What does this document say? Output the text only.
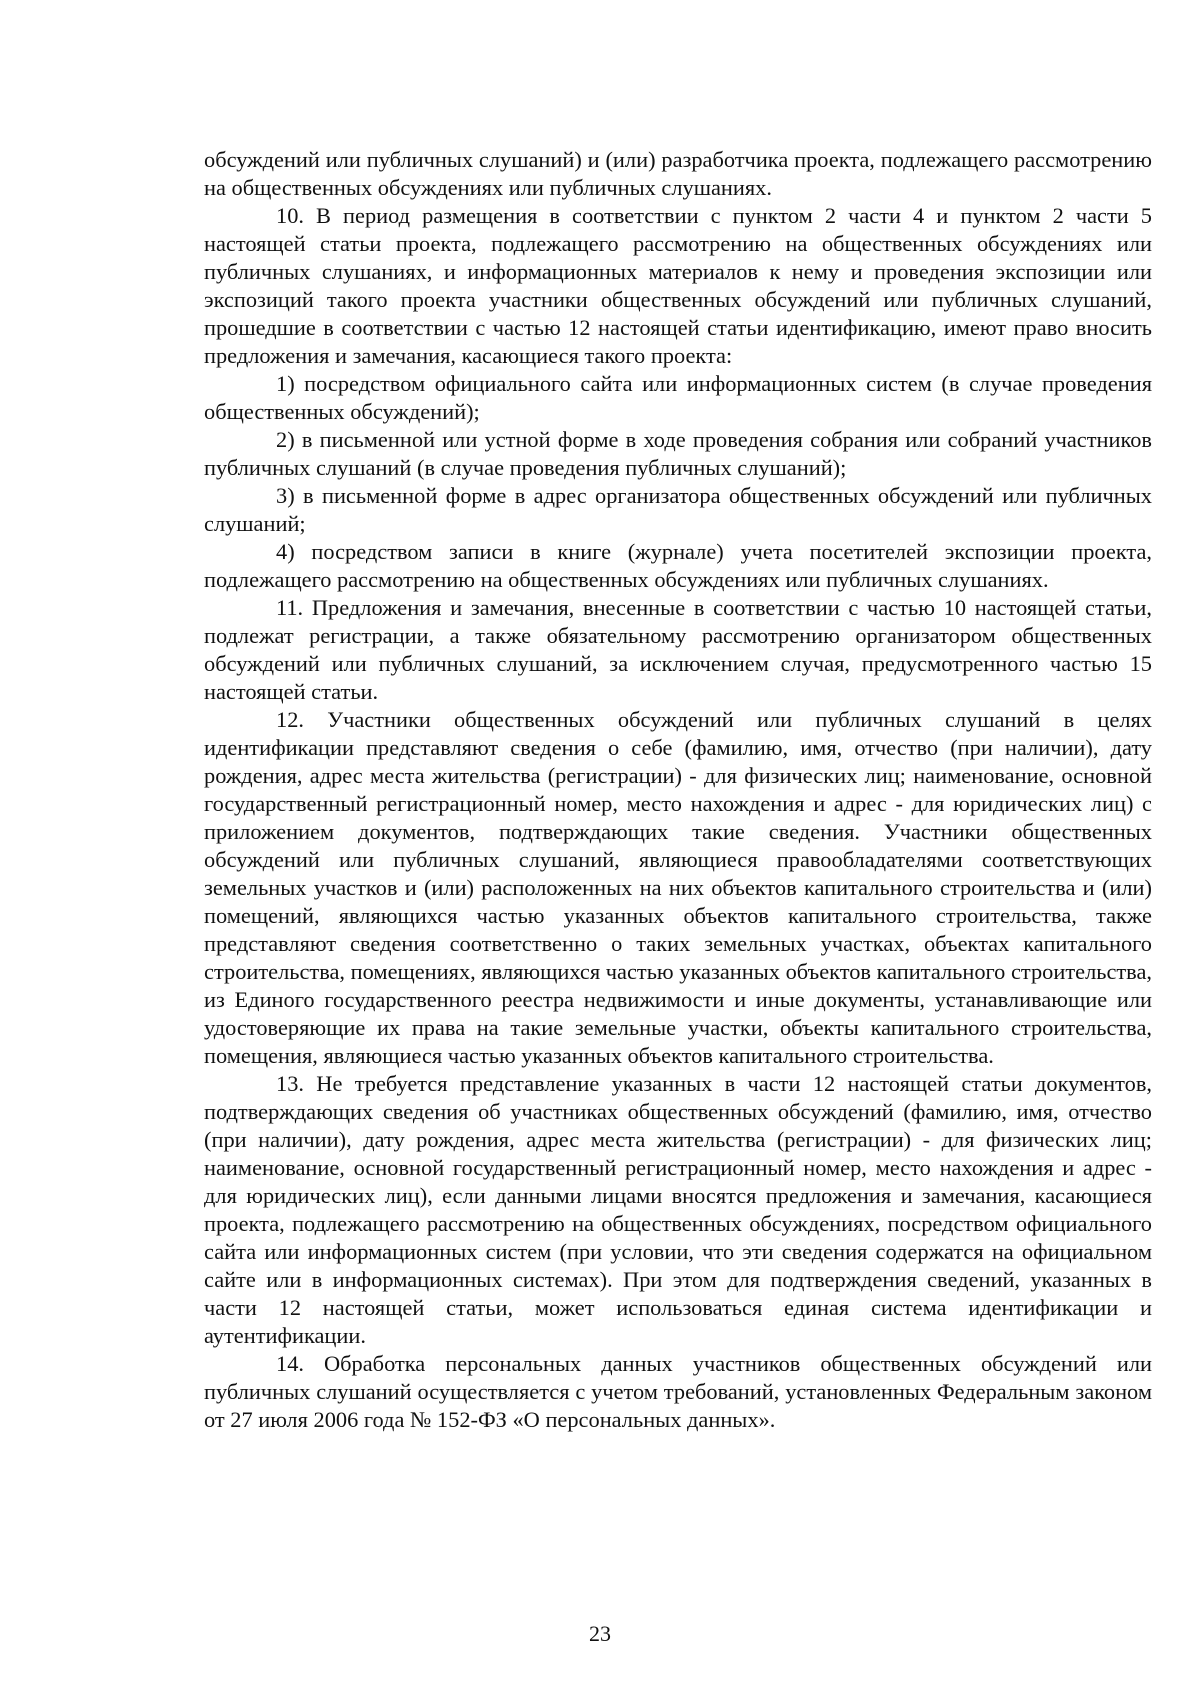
обсуждений или публичных слушаний) и (или) разработчика проекта, подлежащего рассмотрению на общественных обсуждениях или публичных слушаниях.

10. В период размещения в соответствии с пунктом 2 части 4 и пунктом 2 части 5 настоящей статьи проекта, подлежащего рассмотрению на общественных обсуждениях или публичных слушаниях, и информационных материалов к нему и проведения экспозиции или экспозиций такого проекта участники общественных обсуждений или публичных слушаний, прошедшие в соответствии с частью 12 настоящей статьи идентификацию, имеют право вносить предложения и замечания, касающиеся такого проекта:

1) посредством официального сайта или информационных систем (в случае проведения общественных обсуждений);

2) в письменной или устной форме в ходе проведения собрания или собраний участников публичных слушаний (в случае проведения публичных слушаний);

3) в письменной форме в адрес организатора общественных обсуждений или публичных слушаний;

4) посредством записи в книге (журнале) учета посетителей экспозиции проекта, подлежащего рассмотрению на общественных обсуждениях или публичных слушаниях.

11. Предложения и замечания, внесенные в соответствии с частью 10 настоящей статьи, подлежат регистрации, а также обязательному рассмотрению организатором общественных обсуждений или публичных слушаний, за исключением случая, предусмотренного частью 15 настоящей статьи.

12. Участники общественных обсуждений или публичных слушаний в целях идентификации представляют сведения о себе (фамилию, имя, отчество (при наличии), дату рождения, адрес места жительства (регистрации) - для физических лиц; наименование, основной государственный регистрационный номер, место нахождения и адрес - для юридических лиц) с приложением документов, подтверждающих такие сведения. Участники общественных обсуждений или публичных слушаний, являющиеся правообладателями соответствующих земельных участков и (или) расположенных на них объектов капитального строительства и (или) помещений, являющихся частью указанных объектов капитального строительства, также представляют сведения соответственно о таких земельных участках, объектах капитального строительства, помещениях, являющихся частью указанных объектов капитального строительства, из Единого государственного реестра недвижимости и иные документы, устанавливающие или удостоверяющие их права на такие земельные участки, объекты капитального строительства, помещения, являющиеся частью указанных объектов капитального строительства.

13. Не требуется представление указанных в части 12 настоящей статьи документов, подтверждающих сведения об участниках общественных обсуждений (фамилию, имя, отчество (при наличии), дату рождения, адрес места жительства (регистрации) - для физических лиц; наименование, основной государственный регистрационный номер, место нахождения и адрес - для юридических лиц), если данными лицами вносятся предложения и замечания, касающиеся проекта, подлежащего рассмотрению на общественных обсуждениях, посредством официального сайта или информационных систем (при условии, что эти сведения содержатся на официальном сайте или в информационных системах). При этом для подтверждения сведений, указанных в части 12 настоящей статьи, может использоваться единая система идентификации и аутентификации.

14. Обработка персональных данных участников общественных обсуждений или публичных слушаний осуществляется с учетом требований, установленных Федеральным законом от 27 июля 2006 года № 152-ФЗ «О персональных данных».

23
